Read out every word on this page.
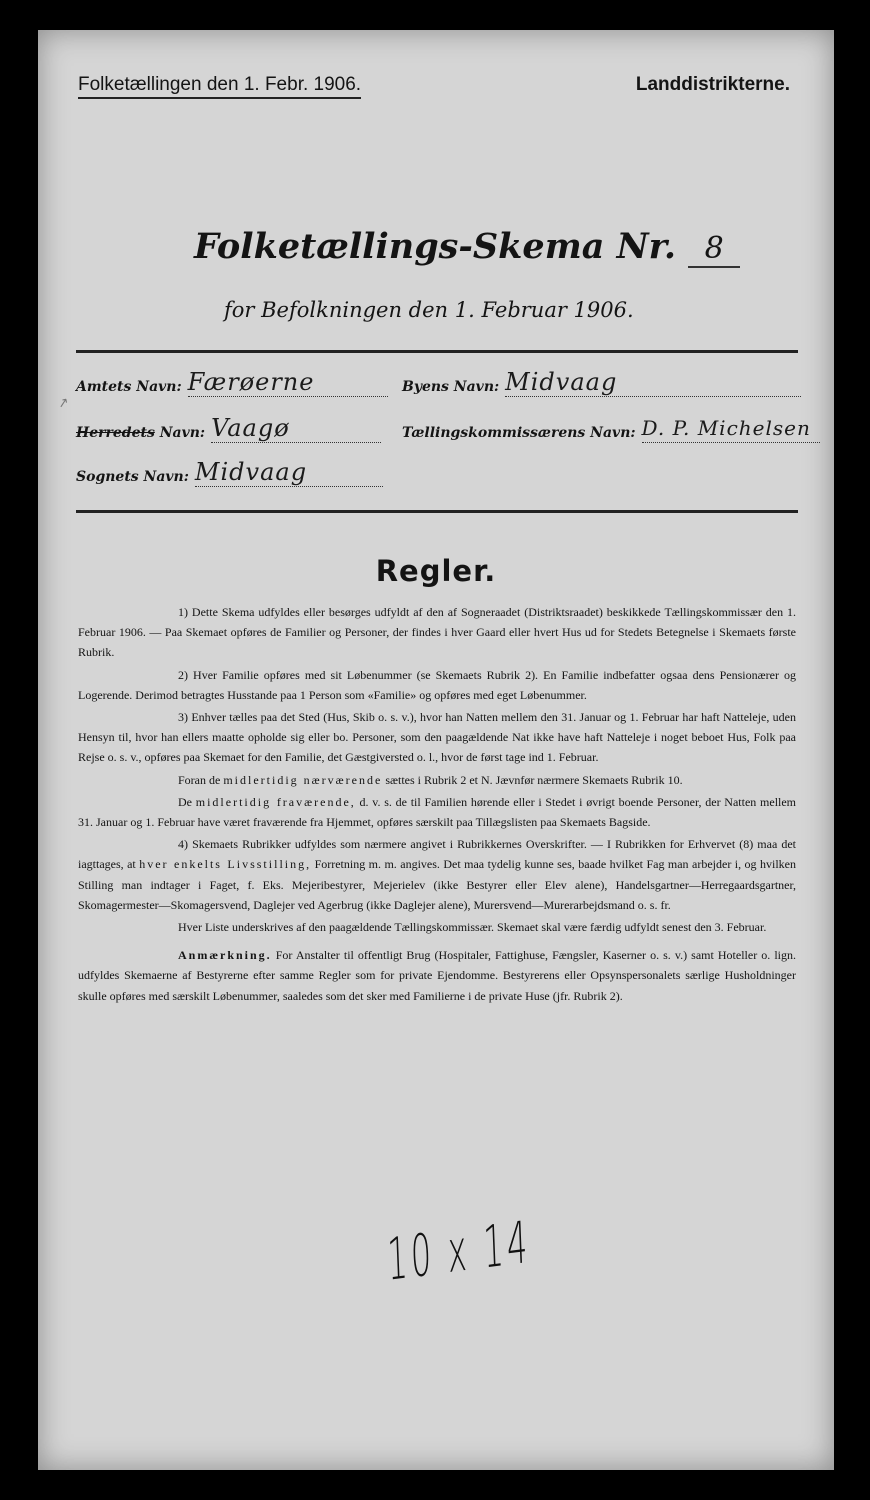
Folketællingen den 1. Febr. 1906.	Landdistrikterne.
Folketællings-Skema Nr. 8
for Befolkningen den 1. Februar 1906.
↗
Amtets Navn: Færøerne	Byens Navn: Midvaag
Herredets Navn: Vaagø	Tællingskommissærens Navn: D. P. Michelsen
Sognets Navn: Midvaag
Regler.

1) Dette Skema udfyldes eller besørges udfyldt af den af Sogneraadet (Distriktsraadet) beskikkede Tællingskommissær den 1. Februar 1906. — Paa Skemaet opføres de Familier og Personer, der findes i hver Gaard eller hvert Hus ud for Stedets Betegnelse i Skemaets første Rubrik.

2) Hver Familie opføres med sit Løbenummer (se Skemaets Rubrik 2). En Familie indbefatter ogsaa dens Pensionærer og Logerende. Derimod betragtes Husstande paa 1 Person som «Familie» og opføres med eget Løbenummer.

3) Enhver tælles paa det Sted (Hus, Skib o. s. v.), hvor han Natten mellem den 31. Januar og 1. Februar har haft Natteleje, uden Hensyn til, hvor han ellers maatte opholde sig eller bo. Personer, som den paagældende Nat ikke have haft Natteleje i noget beboet Hus, Folk paa Rejse o. s. v., opføres paa Skemaet for den Familie, det Gæstgiversted o. l., hvor de først tage ind 1. Februar.

Foran de midlertidig nærværende sættes i Rubrik 2 et N. Jævnfør nærmere Skemaets Rubrik 10.

De midlertidig fraværende, d. v. s. de til Familien hørende eller i Stedet i øvrigt boende Personer, der Natten mellem 31. Januar og 1. Februar have været fraværende fra Hjemmet, opføres særskilt paa Tillægslisten paa Skemaets Bagside.

4) Skemaets Rubrikker udfyldes som nærmere angivet i Rubrikkernes Overskrifter. — I Rubrikken for Erhvervet (8) maa det iagttages, at hver enkelts Livsstilling, Forretning m. m. angives. Det maa tydelig kunne ses, baade hvilket Fag man arbejder i, og hvilken Stilling man indtager i Faget, f. Eks. Mejeribestyrer, Mejerielev (ikke Bestyrer eller Elev alene), Handelsgartner—Herregaardsgartner, Skomagermester—Skomagersvend, Daglejer ved Agerbrug (ikke Daglejer alene), Murersvend—Murerarbejdsmand o. s. fr.

Hver Liste underskrives af den paagældende Tællingskommissær. Skemaet skal være færdig udfyldt senest den 3. Februar.

Anmærkning. For Anstalter til offentligt Brug (Hospitaler, Fattighuse, Fængsler, Kaserner o. s. v.) samt Hoteller o. lign. udfyldes Skemaerne af Bestyrerne efter samme Regler som for private Ejendomme. Bestyrerens eller Opsynspersonalets særlige Husholdninger skulle opføres med særskilt Løbenummer, saaledes som det sker med Familierne i de private Huse (jfr. Rubrik 2).

10 x 14
